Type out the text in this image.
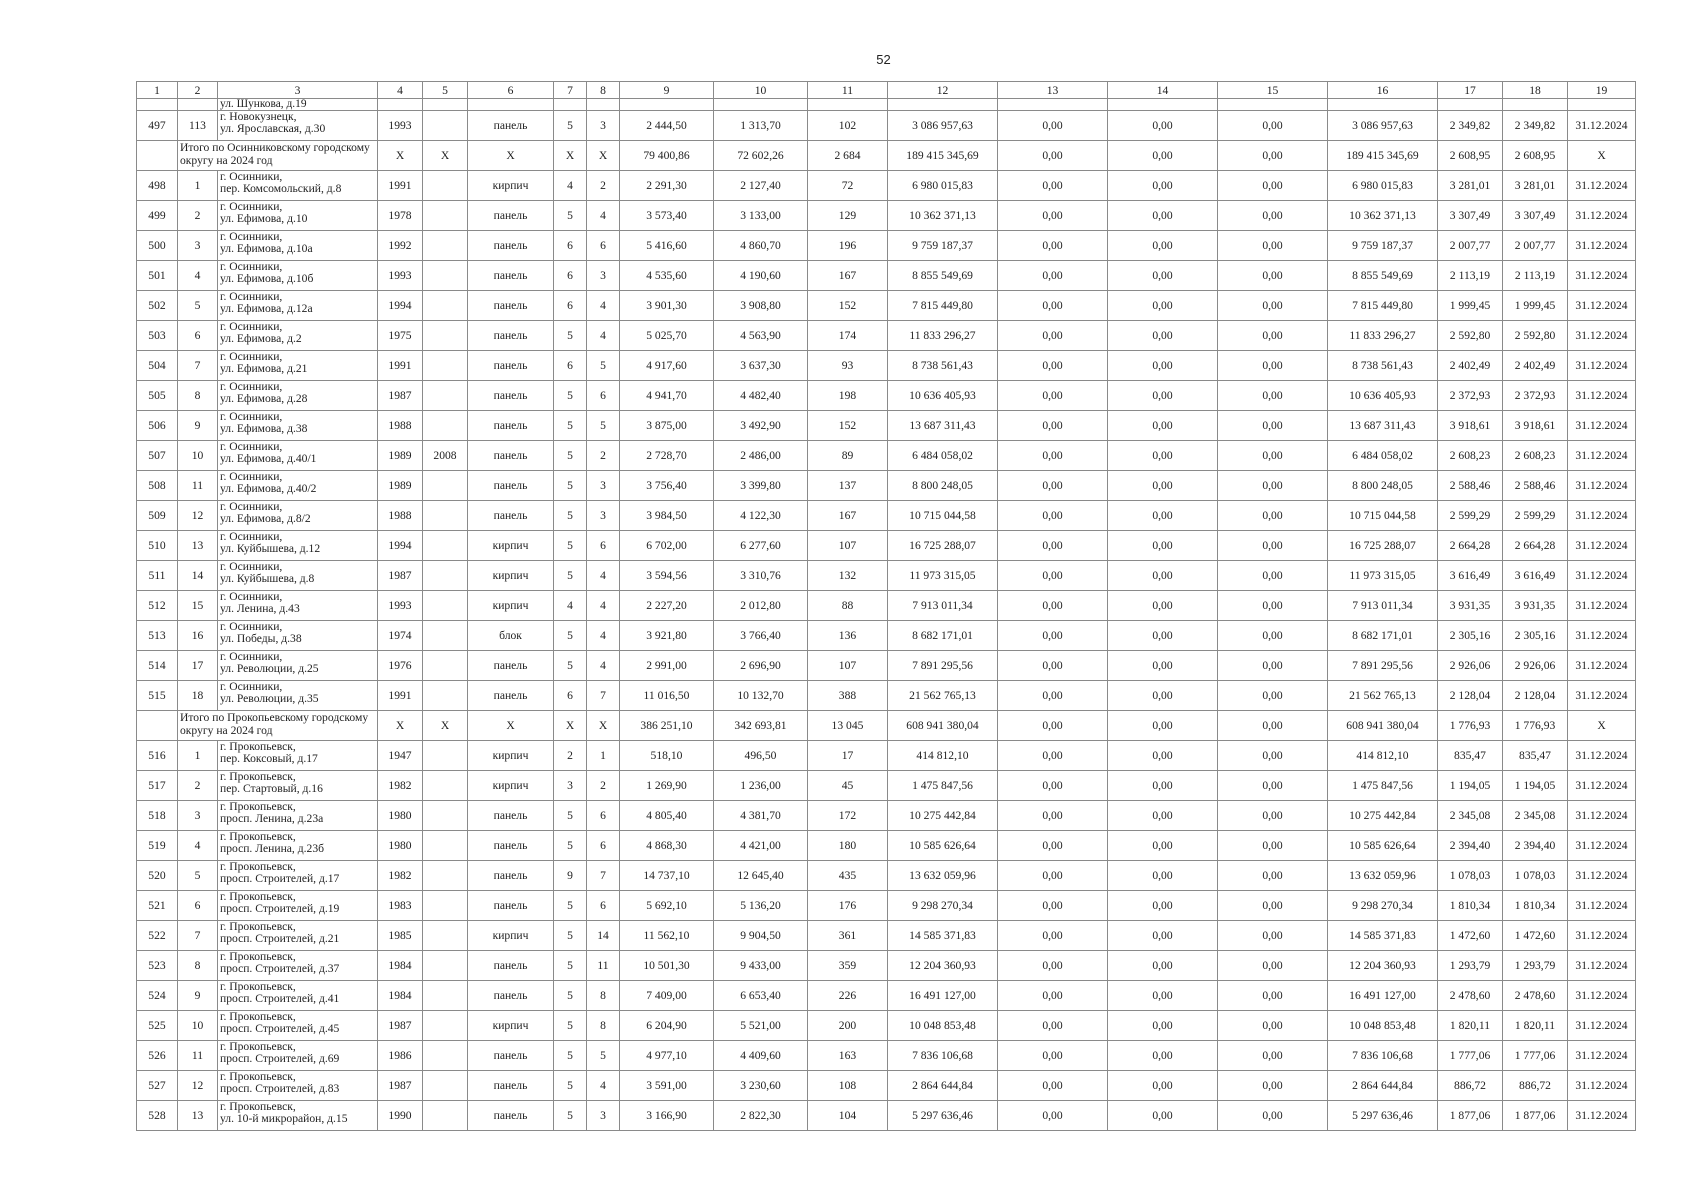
52
1	2	3	4	5	6	7	8	9	10	11	12	13	14	15	16	17	18	19
		ул. Шункова, д.19																
497	113	г. Новокузнецк,
ул. Ярославская, д.30	1993		панель	5	3	2 444,50	1 313,70	102	3 086 957,63	0,00	0,00	0,00	3 086 957,63	2 349,82	2 349,82	31.12.2024
	Итого по Осинниковскому городскому округу на 2024 год		X	X	X	X	X	79 400,86	72 602,26	2 684	189 415 345,69	0,00	0,00	0,00	189 415 345,69	2 608,95	2 608,95	X
498	1	г. Осинники,
пер. Комсомольский, д.8	1991		кирпич	4	2	2 291,30	2 127,40	72	6 980 015,83	0,00	0,00	0,00	6 980 015,83	3 281,01	3 281,01	31.12.2024
499	2	г. Осинники,
ул. Ефимова, д.10	1978		панель	5	4	3 573,40	3 133,00	129	10 362 371,13	0,00	0,00	0,00	10 362 371,13	3 307,49	3 307,49	31.12.2024
500	3	г. Осинники,
ул. Ефимова, д.10а	1992		панель	6	6	5 416,60	4 860,70	196	9 759 187,37	0,00	0,00	0,00	9 759 187,37	2 007,77	2 007,77	31.12.2024
501	4	г. Осинники,
ул. Ефимова, д.10б	1993		панель	6	3	4 535,60	4 190,60	167	8 855 549,69	0,00	0,00	0,00	8 855 549,69	2 113,19	2 113,19	31.12.2024
502	5	г. Осинники,
ул. Ефимова, д.12а	1994		панель	6	4	3 901,30	3 908,80	152	7 815 449,80	0,00	0,00	0,00	7 815 449,80	1 999,45	1 999,45	31.12.2024
503	6	г. Осинники,
ул. Ефимова, д.2	1975		панель	5	4	5 025,70	4 563,90	174	11 833 296,27	0,00	0,00	0,00	11 833 296,27	2 592,80	2 592,80	31.12.2024
504	7	г. Осинники,
ул. Ефимова, д.21	1991		панель	6	5	4 917,60	3 637,30	93	8 738 561,43	0,00	0,00	0,00	8 738 561,43	2 402,49	2 402,49	31.12.2024
505	8	г. Осинники,
ул. Ефимова, д.28	1987		панель	5	6	4 941,70	4 482,40	198	10 636 405,93	0,00	0,00	0,00	10 636 405,93	2 372,93	2 372,93	31.12.2024
506	9	г. Осинники,
ул. Ефимова, д.38	1988		панель	5	5	3 875,00	3 492,90	152	13 687 311,43	0,00	0,00	0,00	13 687 311,43	3 918,61	3 918,61	31.12.2024
507	10	г. Осинники,
ул. Ефимова, д.40/1	1989	2008	панель	5	2	2 728,70	2 486,00	89	6 484 058,02	0,00	0,00	0,00	6 484 058,02	2 608,23	2 608,23	31.12.2024
508	11	г. Осинники,
ул. Ефимова, д.40/2	1989		панель	5	3	3 756,40	3 399,80	137	8 800 248,05	0,00	0,00	0,00	8 800 248,05	2 588,46	2 588,46	31.12.2024
509	12	г. Осинники,
ул. Ефимова, д.8/2	1988		панель	5	3	3 984,50	4 122,30	167	10 715 044,58	0,00	0,00	0,00	10 715 044,58	2 599,29	2 599,29	31.12.2024
510	13	г. Осинники,
ул. Куйбышева, д.12	1994		кирпич	5	6	6 702,00	6 277,60	107	16 725 288,07	0,00	0,00	0,00	16 725 288,07	2 664,28	2 664,28	31.12.2024
511	14	г. Осинники,
ул. Куйбышева, д.8	1987		кирпич	5	4	3 594,56	3 310,76	132	11 973 315,05	0,00	0,00	0,00	11 973 315,05	3 616,49	3 616,49	31.12.2024
512	15	г. Осинники,
ул. Ленина, д.43	1993		кирпич	4	4	2 227,20	2 012,80	88	7 913 011,34	0,00	0,00	0,00	7 913 011,34	3 931,35	3 931,35	31.12.2024
513	16	г. Осинники,
ул. Победы, д.38	1974		блок	5	4	3 921,80	3 766,40	136	8 682 171,01	0,00	0,00	0,00	8 682 171,01	2 305,16	2 305,16	31.12.2024
514	17	г. Осинники,
ул. Революции, д.25	1976		панель	5	4	2 991,00	2 696,90	107	7 891 295,56	0,00	0,00	0,00	7 891 295,56	2 926,06	2 926,06	31.12.2024
515	18	г. Осинники,
ул. Революции, д.35	1991		панель	6	7	11 016,50	10 132,70	388	21 562 765,13	0,00	0,00	0,00	21 562 765,13	2 128,04	2 128,04	31.12.2024
	Итого по Прокопьевскому городскому округу на 2024 год		X	X	X	X	X	386 251,10	342 693,81	13 045	608 941 380,04	0,00	0,00	0,00	608 941 380,04	1 776,93	1 776,93	X
516	1	г. Прокопьевск,
пер. Коксовый, д.17	1947		кирпич	2	1	518,10	496,50	17	414 812,10	0,00	0,00	0,00	414 812,10	835,47	835,47	31.12.2024
517	2	г. Прокопьевск,
пер. Стартовый, д.16	1982		кирпич	3	2	1 269,90	1 236,00	45	1 475 847,56	0,00	0,00	0,00	1 475 847,56	1 194,05	1 194,05	31.12.2024
518	3	г. Прокопьевск,
просп. Ленина, д.23а	1980		панель	5	6	4 805,40	4 381,70	172	10 275 442,84	0,00	0,00	0,00	10 275 442,84	2 345,08	2 345,08	31.12.2024
519	4	г. Прокопьевск,
просп. Ленина, д.23б	1980		панель	5	6	4 868,30	4 421,00	180	10 585 626,64	0,00	0,00	0,00	10 585 626,64	2 394,40	2 394,40	31.12.2024
520	5	г. Прокопьевск,
просп. Строителей, д.17	1982		панель	9	7	14 737,10	12 645,40	435	13 632 059,96	0,00	0,00	0,00	13 632 059,96	1 078,03	1 078,03	31.12.2024
521	6	г. Прокопьевск,
просп. Строителей, д.19	1983		панель	5	6	5 692,10	5 136,20	176	9 298 270,34	0,00	0,00	0,00	9 298 270,34	1 810,34	1 810,34	31.12.2024
522	7	г. Прокопьевск,
просп. Строителей, д.21	1985		кирпич	5	14	11 562,10	9 904,50	361	14 585 371,83	0,00	0,00	0,00	14 585 371,83	1 472,60	1 472,60	31.12.2024
523	8	г. Прокопьевск,
просп. Строителей, д.37	1984		панель	5	11	10 501,30	9 433,00	359	12 204 360,93	0,00	0,00	0,00	12 204 360,93	1 293,79	1 293,79	31.12.2024
524	9	г. Прокопьевск,
просп. Строителей, д.41	1984		панель	5	8	7 409,00	6 653,40	226	16 491 127,00	0,00	0,00	0,00	16 491 127,00	2 478,60	2 478,60	31.12.2024
525	10	г. Прокопьевск,
просп. Строителей, д.45	1987		кирпич	5	8	6 204,90	5 521,00	200	10 048 853,48	0,00	0,00	0,00	10 048 853,48	1 820,11	1 820,11	31.12.2024
526	11	г. Прокопьевск,
просп. Строителей, д.69	1986		панель	5	5	4 977,10	4 409,60	163	7 836 106,68	0,00	0,00	0,00	7 836 106,68	1 777,06	1 777,06	31.12.2024
527	12	г. Прокопьевск,
просп. Строителей, д.83	1987		панель	5	4	3 591,00	3 230,60	108	2 864 644,84	0,00	0,00	0,00	2 864 644,84	886,72	886,72	31.12.2024
528	13	г. Прокопьевск,
ул. 10-й микрорайон, д.15	1990		панель	5	3	3 166,90	2 822,30	104	5 297 636,46	0,00	0,00	0,00	5 297 636,46	1 877,06	1 877,06	31.12.2024
